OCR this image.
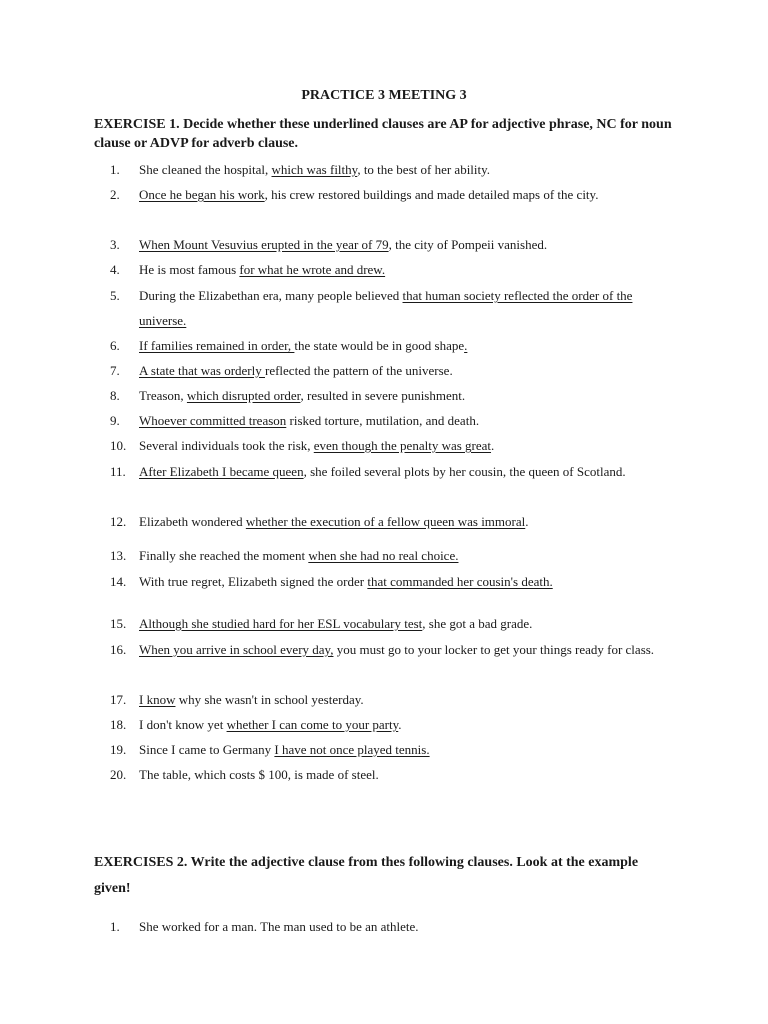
PRACTICE 3 MEETING 3
EXERCISE 1. Decide whether these underlined clauses are AP for adjective phrase, NC for noun clause or ADVP for adverb clause.
1.	She cleaned the hospital, which was filthy, to the best of her ability.
2.	Once he began his work, his crew restored buildings and made detailed maps of the city.
3.	When Mount Vesuvius erupted in the year of 79, the city of Pompeii vanished.
4.	He is most famous for what he wrote and drew.
5.	During the Elizabethan era, many people believed that human society reflected the order of the universe.
6.	If families remained in order, the state would be in good shape.
7.	A state that was orderly reflected the pattern of the universe.
8.	Treason, which disrupted order, resulted in severe punishment.
9.	Whoever committed treason risked torture, mutilation, and death.
10. Several individuals took the risk, even though the penalty was great.
11.	After Elizabeth I became queen, she foiled several plots by her cousin, the queen of Scotland.
12. Elizabeth wondered whether the execution of a fellow queen was immoral.
13. Finally she reached the moment when she had no real choice.
14. With true regret, Elizabeth signed the order that commanded her cousin's death.
15. Although she studied hard for her ESL vocabulary test, she got a bad grade.
16. When you arrive in school every day, you must go to your locker to get your things ready for class.
17. I know why she wasn't in school yesterday.
18. I don't know yet whether I can come to your party.
19. Since I came to Germany I have not once played tennis.
20. The table, which costs $ 100, is made of steel.
EXERCISES 2. Write the adjective clause from thes following clauses. Look at the example given!
1.	She worked for a man. The man used to be an athlete.
